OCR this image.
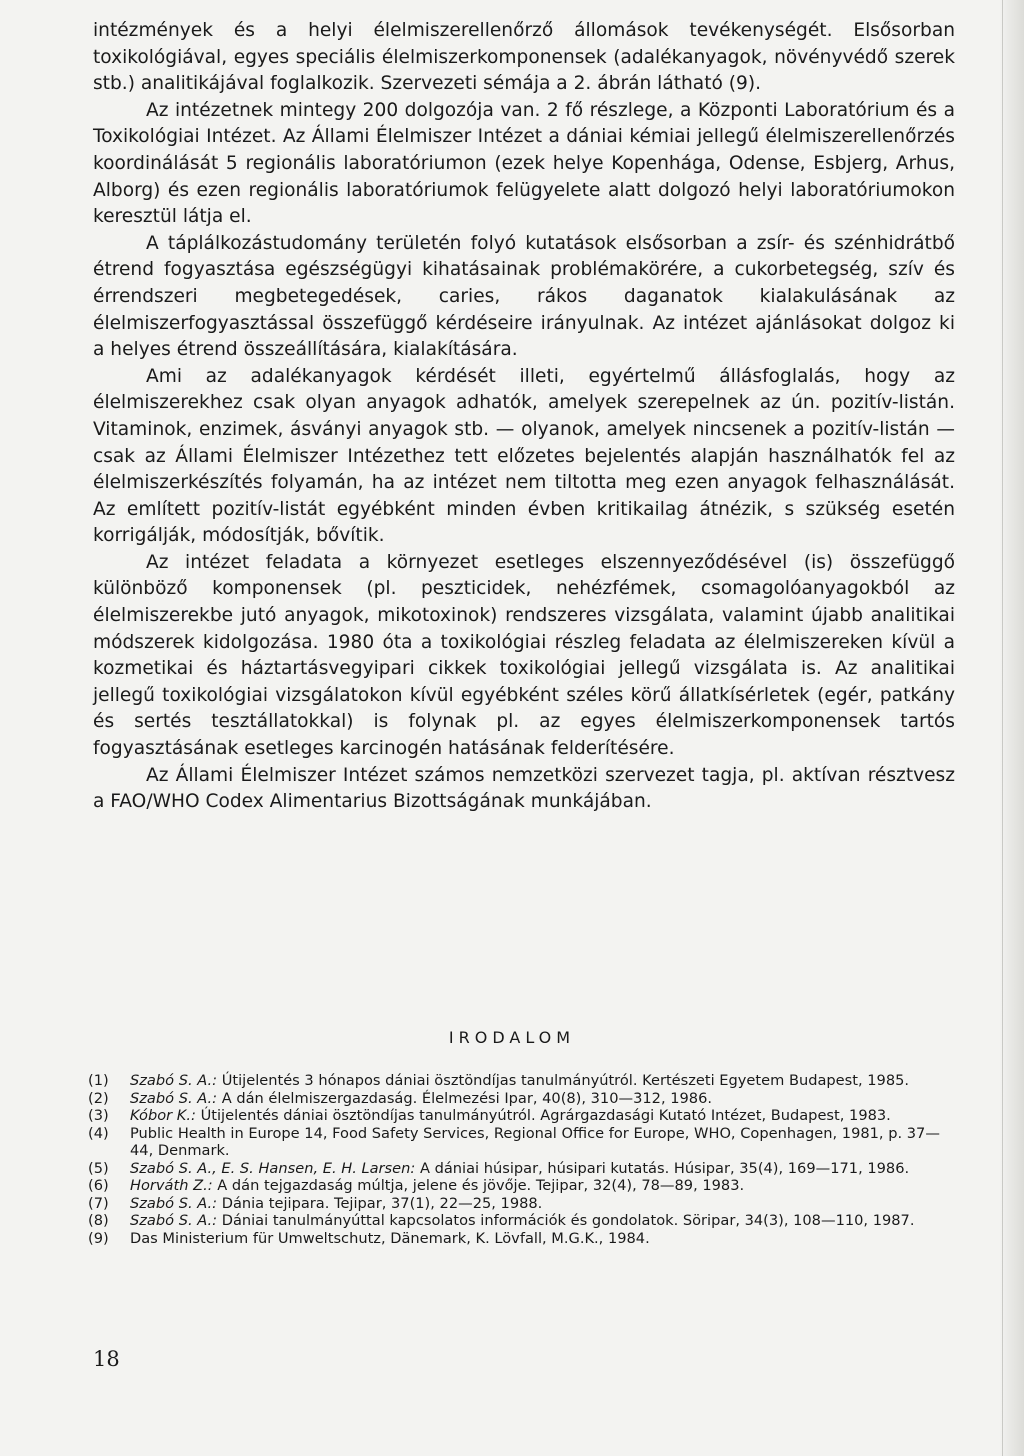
intézmények és a helyi élelmiszerellenőrző állomások tevékenységét. Elsősorban toxikológiával, egyes speciális élelmiszerkomponensek (adalékanyagok, növényvédő szerek stb.) analitikájával foglalkozik. Szervezeti sémája a 2. ábrán látható (9).

Az intézetnek mintegy 200 dolgozója van. 2 fő részlege, a Központi Laboratórium és a Toxikológiai Intézet. Az Állami Élelmiszer Intézet a dániai kémiai jellegű élelmiszerellenőrzés koordinálását 5 regionális laboratóriumon (ezek helye Kopenhága, Odense, Esbjerg, Arhus, Alborg) és ezen regionális laboratóriumok felügyelete alatt dolgozó helyi laboratóriumokon keresztül látja el.

A táplálkozástudomány területén folyó kutatások elsősorban a zsír- és szénhidrátbő étrend fogyasztása egészségügyi kihatásainak problémakörére, a cukorbetegség, szív és érrendszeri megbetegedések, caries, rákos daganatok kialakulásának az élelmiszerfogyasztással összefüggő kérdéseire irányulnak. Az intézet ajánlásokat dolgoz ki a helyes étrend összeállítására, kialakítására.

Ami az adalékanyagok kérdését illeti, egyértelmű állásfoglalás, hogy az élelmiszerekhez csak olyan anyagok adhatók, amelyek szerepelnek az ún. pozitív-listán. Vitaminok, enzimek, ásványi anyagok stb. — olyanok, amelyek nincsenek a pozitív-listán — csak az Állami Élelmiszer Intézethez tett előzetes bejelentés alapján használhatók fel az élelmiszerkészítés folyamán, ha az intézet nem tiltotta meg ezen anyagok felhasználását. Az említett pozitív-listát egyébként minden évben kritikailag átnézik, s szükség esetén korrigálják, módosítják, bővítik.

Az intézet feladata a környezet esetleges elszennyeződésével (is) összefüggő különböző komponensek (pl. peszticidek, nehézfémek, csomagolóanyagokból az élelmiszerekbe jutó anyagok, mikotoxinok) rendszeres vizsgálata, valamint újabb analitikai módszerek kidolgozása. 1980 óta a toxikológiai részleg feladata az élelmiszereken kívül a kozmetikai és háztartásvegyipari cikkek toxikológiai jellegű vizsgálata is. Az analitikai jellegű toxikológiai vizsgálatokon kívül egyébként széles körű állatkísérletek (egér, patkány és sertés tesztállatokkal) is folynak pl. az egyes élelmiszerkomponensek tartós fogyasztásának esetleges karcinogén hatásának felderítésére.

Az Állami Élelmiszer Intézet számos nemzetközi szervezet tagja, pl. aktívan résztvesz a FAO/WHO Codex Alimentarius Bizottságának munkájában.

IRODALOM
(1) Szabó S. A.: Útijelentés 3 hónapos dániai ösztöndíjas tanulmányútról. Kertészeti Egyetem Budapest, 1985.
(2) Szabó S. A.: A dán élelmiszergazdaság. Élelmezési Ipar, 40(8), 310—312, 1986.
(3) Kóbor K.: Útijelentés dániai ösztöndíjas tanulmányútról. Agrárgazdasági Kutató Intézet, Budapest, 1983.
(4) Public Health in Europe 14, Food Safety Services, Regional Office for Europe, WHO, Copenhagen, 1981, p. 37—44, Denmark.
(5) Szabó S. A., E. S. Hansen, E. H. Larsen: A dániai húsipar, húsipari kutatás. Húsipar, 35(4), 169—171, 1986.
(6) Horváth Z.: A dán tejgazdaság múltja, jelene és jövője. Tejipar, 32(4), 78—89, 1983.
(7) Szabó S. A.: Dánia tejipara. Tejipar, 37(1), 22—25, 1988.
(8) Szabó S. A.: Dániai tanulmányúttal kapcsolatos információk és gondolatok. Söripar, 34(3), 108—110, 1987.
(9) Das Ministerium für Umweltschutz, Dänemark, K. Lövfall, M.G.K., 1984.
18
